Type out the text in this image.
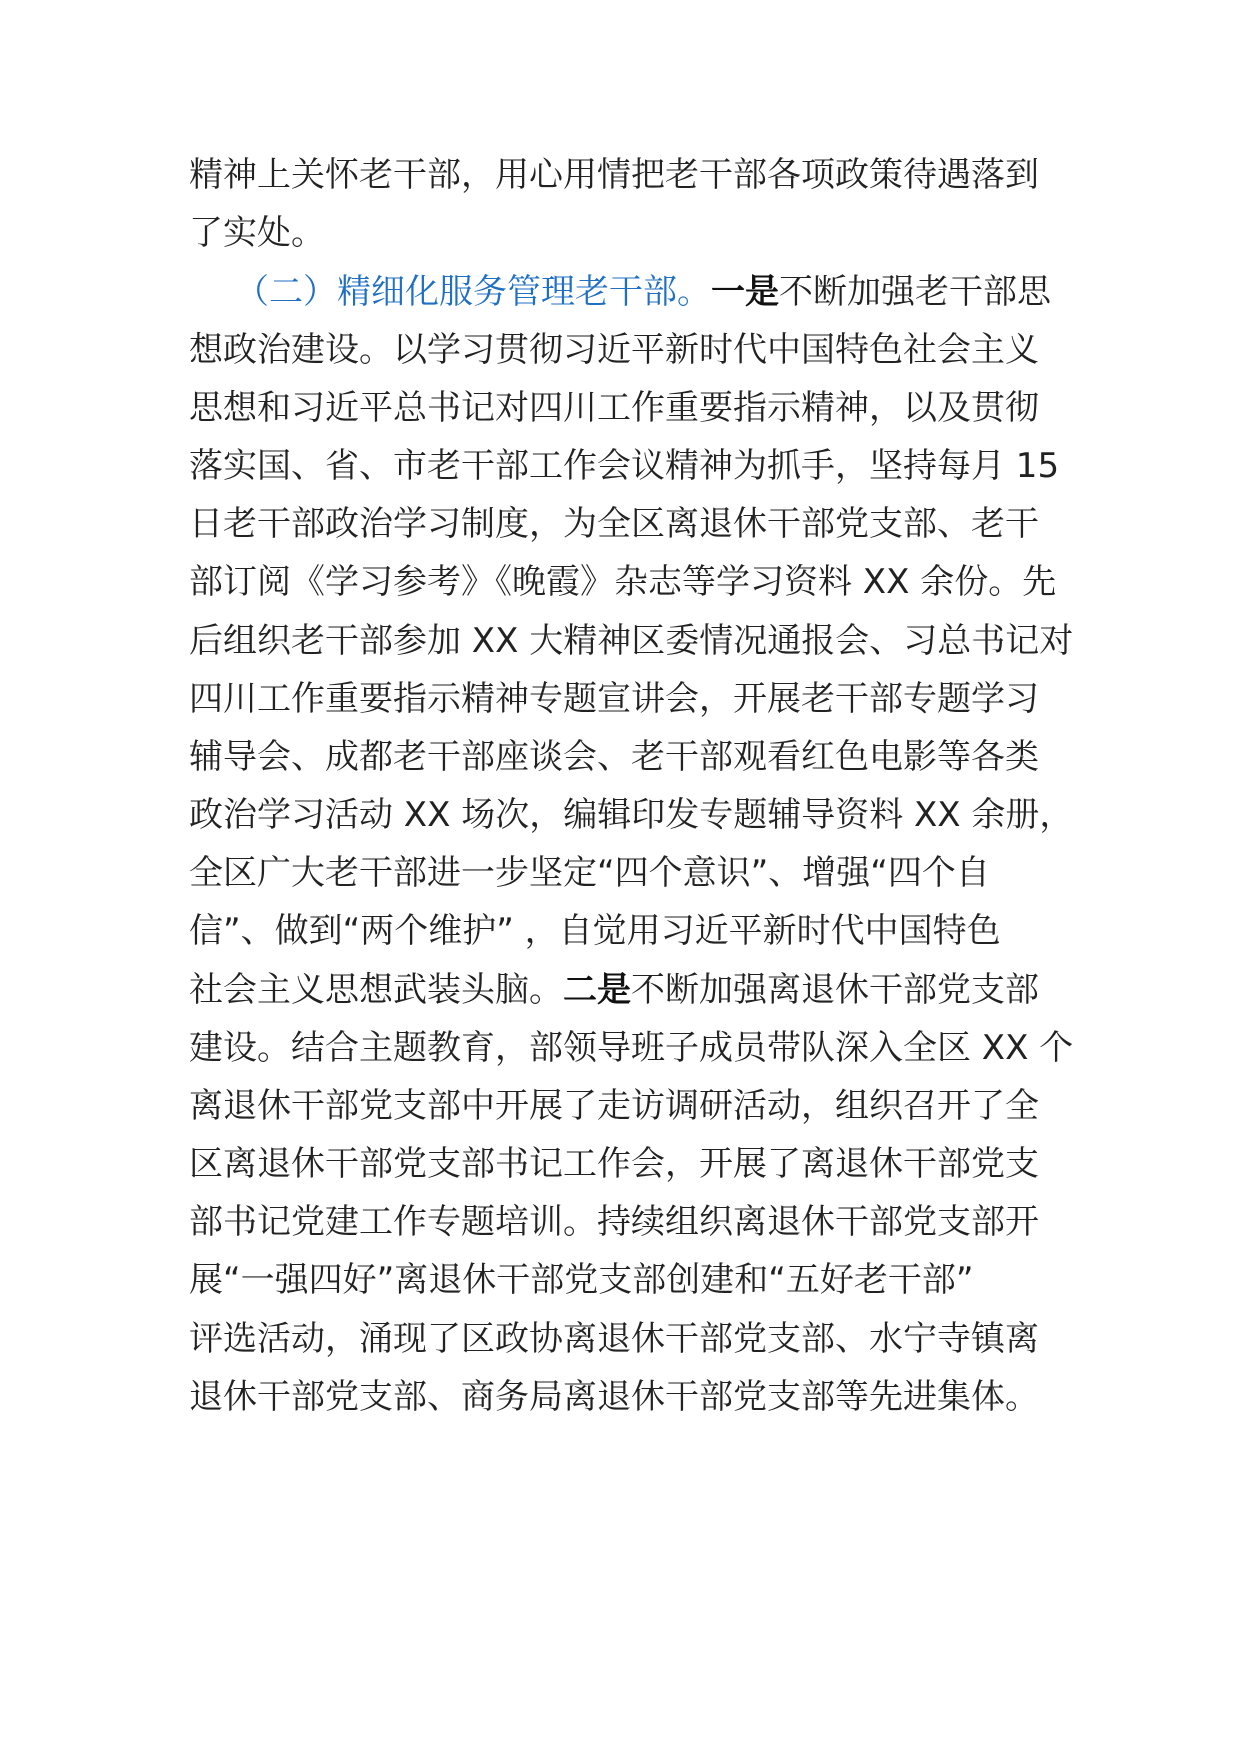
精神上关怀老干部，用心用情把老干部各项政策待遇落到
了实处。
（二）精细化服务管理老干部。一是不断加强老干部思
想政治建设。以学习贯彻习近平新时代中国特色社会主义
思想和习近平总书记对四川工作重要指示精神，以及贯彻
落实国、省、市老干部工作会议精神为抓手，坚持每月 15
日老干部政治学习制度，为全区离退休干部党支部、老干
部订阅《学习参考》《晚霞》杂志等学习资料 XX 余份。先
后组织老干部参加 XX 大精神区委情况通报会、习总书记对
四川工作重要指示精神专题宣讲会，开展老干部专题学习
辅导会、成都老干部座谈会、老干部观看红色电影等各类
政治学习活动 XX 场次，编辑印发专题辅导资料 XX 余册，
全区广大老干部进一步坚定“四个意识”、增强“四个自
信”、做到“两个维护” ，自觉用习近平新时代中国特色
社会主义思想武装头脑。二是不断加强离退休干部党支部
建设。结合主题教育，部领导班子成员带队深入全区 XX 个
离退休干部党支部中开展了走访调研活动，组织召开了全
区离退休干部党支部书记工作会，开展了离退休干部党支
部书记党建工作专题培训。持续组织离退休干部党支部开
展“一强四好”离退休干部党支部创建和“五好老干部”
评选活动，涌现了区政协离退休干部党支部、水宁寺镇离
退休干部党支部、商务局离退休干部党支部等先进集体。
